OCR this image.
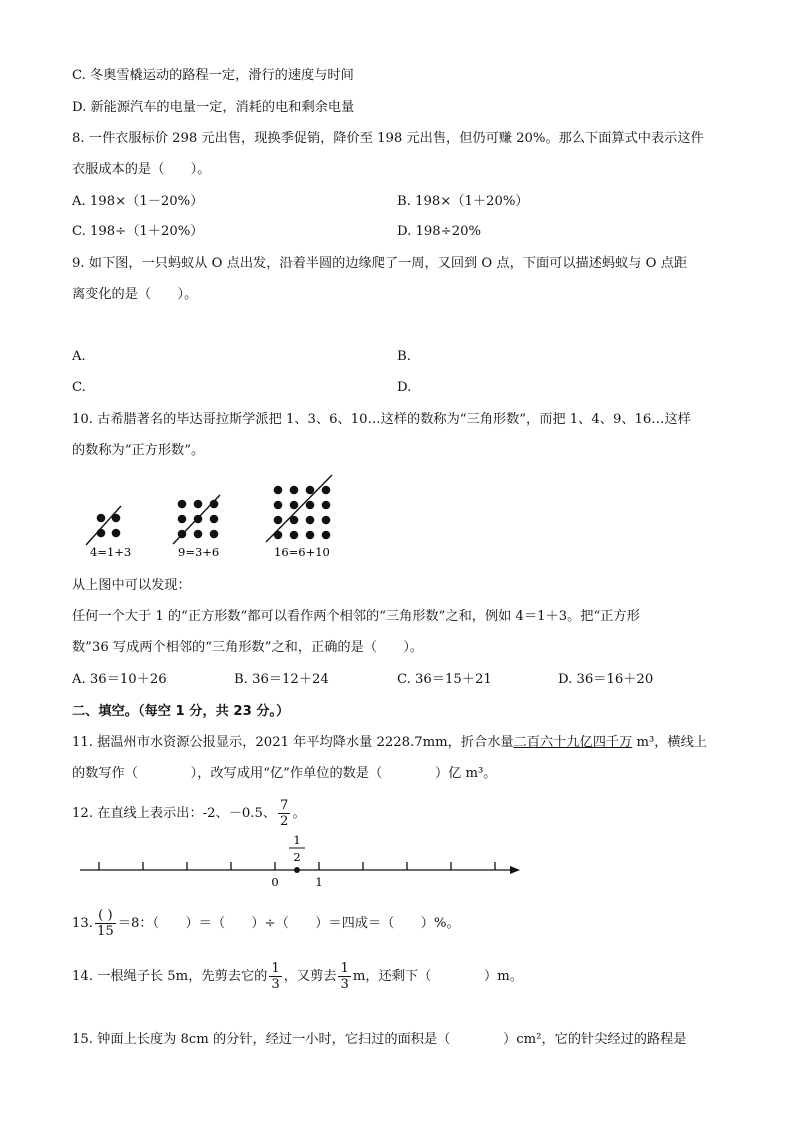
C. 冬奥雪橇运动的路程一定，滑行的速度与时间
D. 新能源汽车的电量一定，消耗的电和剩余电量
8. 一件衣服标价 298 元出售，现换季促销，降价至 198 元出售，但仍可赚 20%。那么下面算式中表示这件
衣服成本的是（　　）。
A. 198×（1－20%）	B. 198×（1＋20%）
C. 198÷（1＋20%）	D. 198÷20%
9. 如下图，一只蚂蚁从 O 点出发，沿着半圆的边缘爬了一周，又回到 O 点，下面可以描述蚂蚁与 O 点距
离变化的是（　　）。
A.	B.
C.	D.
10. 古希腊著名的毕达哥拉斯学派把 1、3、6、10…这样的数称为“三角形数”，而把 1、4、9、16…这样
的数称为“正方形数”。
4=1+3	9=3+6	16=6+10
从上图中可以发现：
任何一个大于 1 的“正方形数”都可以看作两个相邻的“三角形数”之和，例如 4＝1＋3。把“正方形
数”36 写成两个相邻的“三角形数”之和，正确的是（　　）。
A. 36＝10＋26	B. 36＝12＋24	C. 36＝15＋21	D. 36＝16＋20
二、填空。（每空 1 分，共 23 分。）
11. 据温州市水资源公报显示，2021 年平均降水量 2228.7mm，折合水量二百六十九亿四千万 m³，横线上
的数写作（　　　　），改写成用“亿”作单位的数是（　　　　）亿 m³。
12. 在直线上表示出：-2、－0.5、 $\frac{7}{2}$ 。
1
2
0	1
13. $\frac{( )}{15} =8$：（　　）＝（　　）÷（　　）＝四成＝（　　）%。
14. 一根绳子长 5m，先剪去它的 $\frac{1}{3}$ ，又剪去 $\frac{1}{3}$ m，还剩下（　　　　）m。
15. 钟面上长度为 8cm 的分针，经过一小时，它扫过的面积是（　　　　）cm²，它的针尖经过的路程是
